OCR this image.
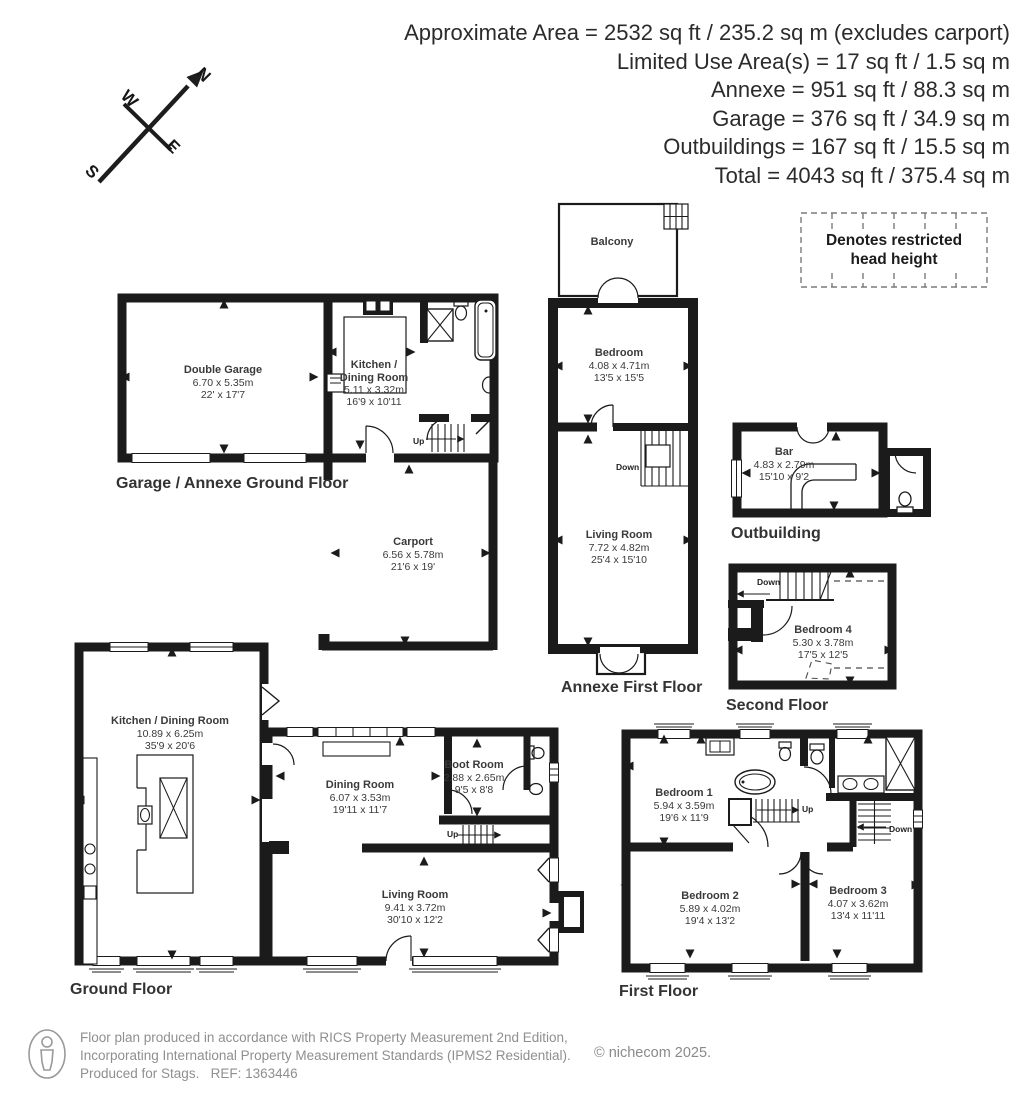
Approximate Area = 2532 sq ft / 235.2 sq m (excludes carport)
Limited Use Area(s) = 17 sq ft / 1.5 sq m
Annexe = 951 sq ft / 88.3 sq m
Garage = 376 sq ft / 34.9 sq m
Outbuildings = 167 sq ft / 15.5 sq m
Total = 4043 sq ft / 375.4 sq m
N
W
E
S
Denotes restricted head height
Double Garage
6.70 x 5.35m
22' x 17'7
Kitchen / Dining Room
5.11 x 3.32m
16'9 x 10'11
Carport
6.56 x 5.78m
21'6 x 19'
Balcony
Bedroom
4.08 x 4.71m
13'5 x 15'5
Living Room
7.72 x 4.82m
25'4 x 15'10
Bar
4.83 x 2.79m
15'10 x 9'2
Bedroom 4
5.30 x 3.78m
17'5 x 12'5
Kitchen / Dining Room
10.89 x 6.25m
35'9 x 20'6
Dining Room
6.07 x 3.53m
19'11 x 11'7
Boot Room
2.88 x 2.65m
9'5 x 8'8
Living Room
9.41 x 3.72m
30'10 x 12'2
Bedroom 1
5.94 x 3.59m
19'6 x 11'9
Bedroom 2
5.89 x 4.02m
19'4 x 13'2
Bedroom 3
4.07 x 3.62m
13'4 x 11'11
Garage / Annexe Ground Floor
Annexe First Floor
Outbuilding
Second Floor
Ground Floor	First Floor
Up
Down
Down
Up
Up
Down
Floor plan produced in accordance with RICS Property Measurement 2nd Edition,
Incorporating International Property Measurement Standards (IPMS2 Residential).
Produced for Stags.   REF: 1363446
© nichecom 2025.
